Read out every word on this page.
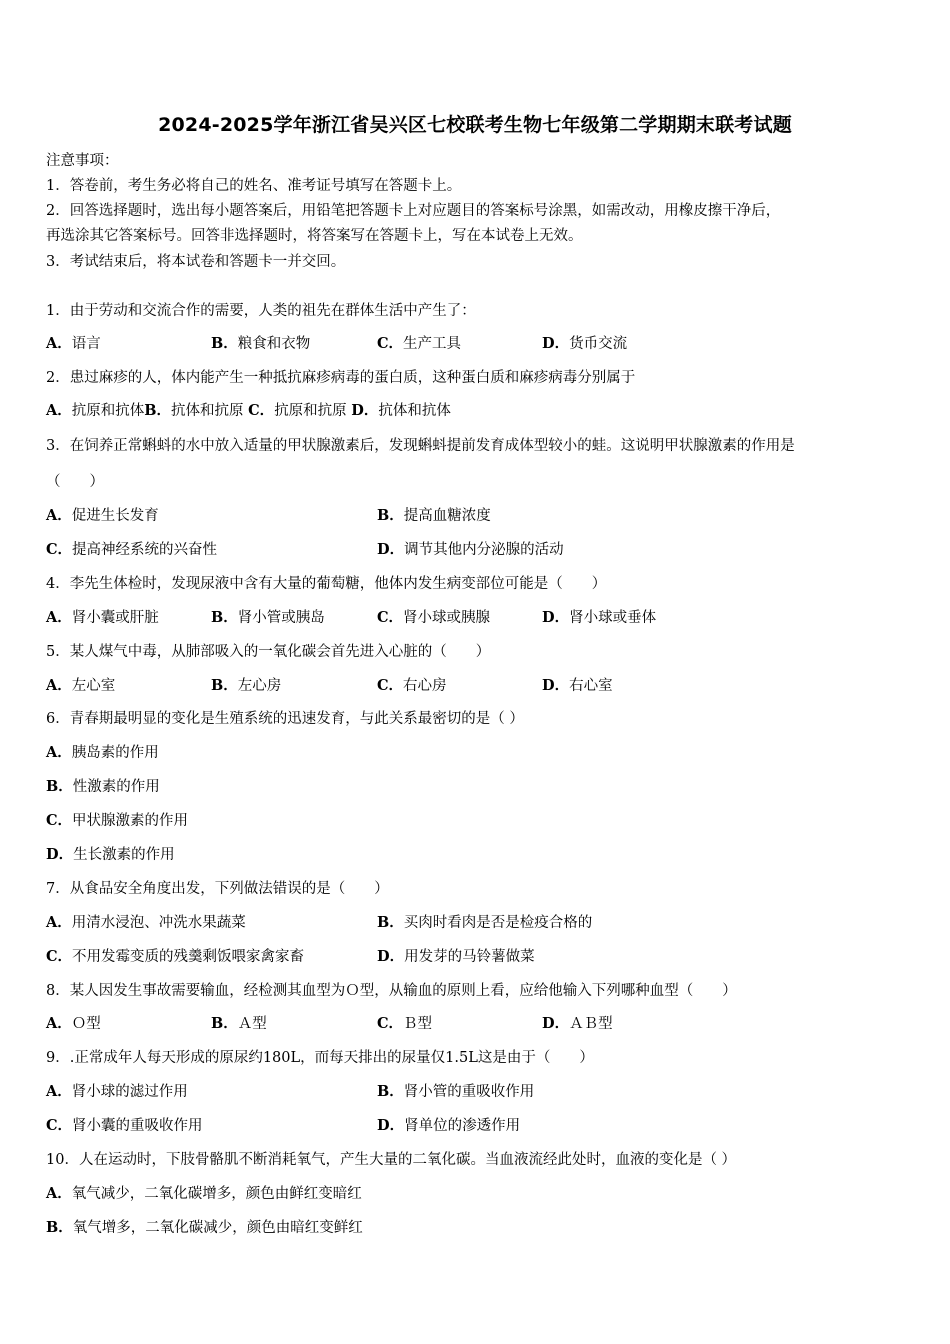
2024-2025学年浙江省吴兴区七校联考生物七年级第二学期期末联考试题
注意事项：
1．答卷前，考生务必将自己的姓名、准考证号填写在答题卡上。
2．回答选择题时，选出每小题答案后，用铅笔把答题卡上对应题目的答案标号涂黑，如需改动，用橡皮擦干净后，
再选涂其它答案标号。回答非选择题时，将答案写在答题卡上，写在本试卷上无效。
3．考试结束后，将本试卷和答题卡一并交回。
1．由于劳动和交流合作的需要，人类的祖先在群体生活中产生了：
A．语言	B．粮食和衣物	C．生产工具	D．货币交流
2．患过麻疹的人，体内能产生一种抵抗麻疹病毒的蛋白质，这种蛋白质和麻疹病毒分别属于
A．抗原和抗体B．抗体和抗原 C．抗原和抗原 D．抗体和抗体
3．在饲养正常蝌蚪的水中放入适量的甲状腺激素后，发现蝌蚪提前发育成体型较小的蛙。这说明甲状腺激素的作用是
（　　）
A．促进生长发育	B．提高血糖浓度
C．提高神经系统的兴奋性	D．调节其他内分泌腺的活动
4．李先生体检时，发现尿液中含有大量的葡萄糖，他体内发生病变部位可能是（　　）
A．肾小囊或肝脏	B．肾小管或胰岛	C．肾小球或胰腺	D．肾小球或垂体
5．某人煤气中毒，从肺部吸入的一氧化碳会首先进入心脏的（　　）
A．左心室	B．左心房	C．右心房	D．右心室
6．青春期最明显的变化是生殖系统的迅速发育，与此关系最密切的是（ ）
A．胰岛素的作用
B．性激素的作用
C．甲状腺激素的作用
D．生长激素的作用
7．从食品安全角度出发，下列做法错误的是（　　）
A．用清水浸泡、冲洗水果蔬菜	B．买肉时看肉是否是检疫合格的
C．不用发霉变质的残羹剩饭喂家禽家畜	D．用发芽的马铃薯做菜
8．某人因发生事故需要输血，经检测其血型为Ｏ型，从输血的原则上看，应给他输入下列哪种血型（　　）
A．Ｏ型	B．Ａ型	C．Ｂ型	D．ＡＢ型
9．.正常成年人每天形成的原尿约180L，而每天排出的尿量仅1.5L这是由于（　　）
A．肾小球的滤过作用	B．肾小管的重吸收作用
C．肾小囊的重吸收作用	D．肾单位的渗透作用
10．人在运动时，下肢骨骼肌不断消耗氧气，产生大量的二氧化碳。当血液流经此处时，血液的变化是（ ）
A．氧气减少，二氧化碳增多，颜色由鲜红变暗红
B．氧气增多，二氧化碳减少，颜色由暗红变鲜红
